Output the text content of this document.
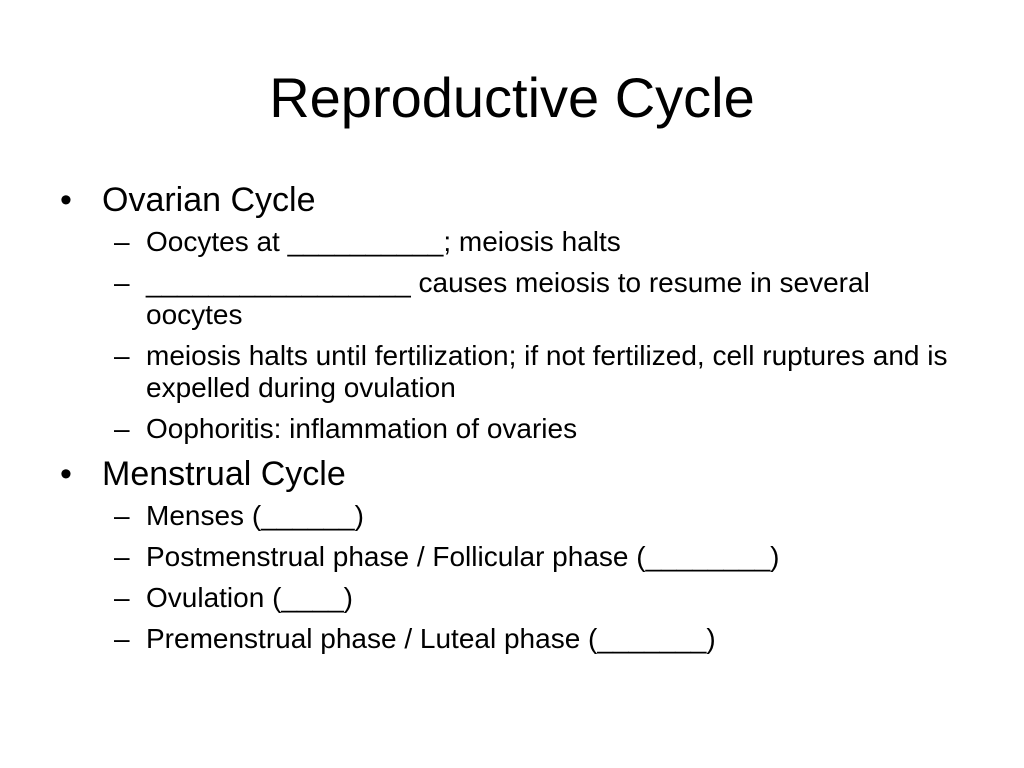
Reproductive Cycle
• Ovarian Cycle
– Oocytes at __________; meiosis halts
– _________________ causes meiosis to resume in several oocytes
– meiosis halts until fertilization; if not fertilized, cell ruptures and is expelled during ovulation
– Oophoritis: inflammation of ovaries
• Menstrual Cycle
– Menses (______)
– Postmenstrual phase / Follicular phase (________)
– Ovulation (____)
– Premenstrual phase / Luteal phase (_______)
